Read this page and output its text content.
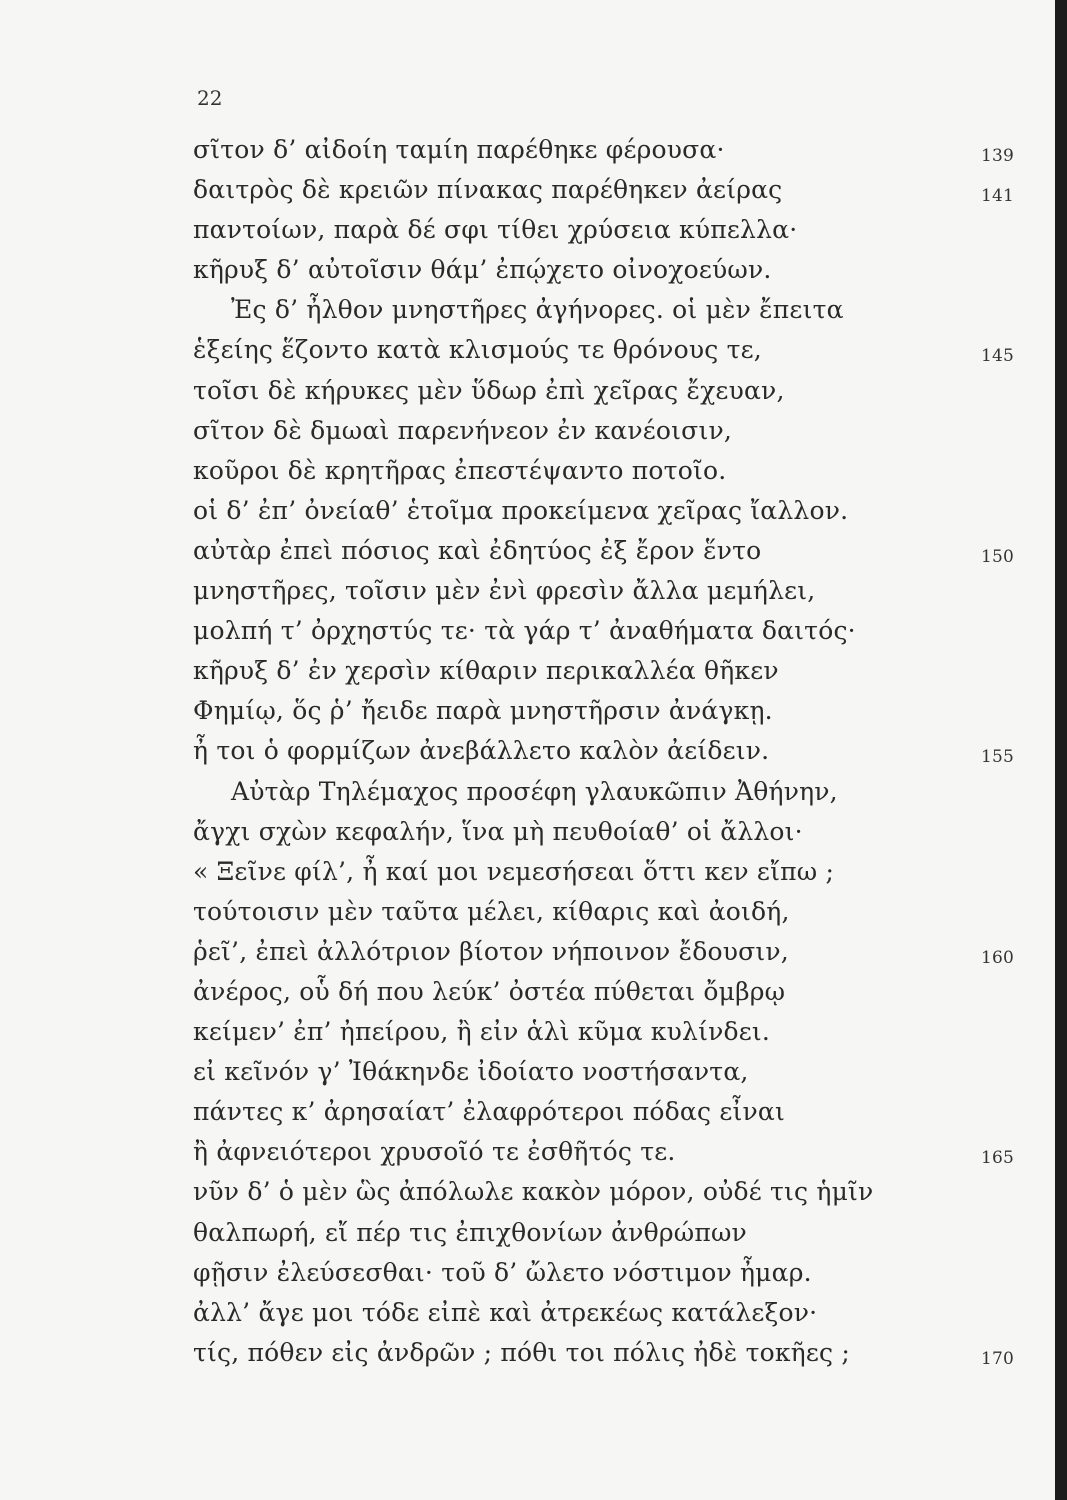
22
σῖτον δ’ αἰδοίη ταμίη παρέθηκε φέρουσα·	139
δαιτρὸς δὲ κρειῶν πίνακας παρέθηκεν ἀείρας	141
παντοίων, παρὰ δέ σφι τίθει χρύσεια κύπελλα·
κῆρυξ δ’ αὐτοῖσιν θάμ’ ἐπῴχετο οἰνοχοεύων.
Ἐς δ’ ἦλθον μνηστῆρες ἀγήνορες. οἱ μὲν ἔπειτα
ἑξείης ἕζοντο κατὰ κλισμούς τε θρόνους τε,	145
τοῖσι δὲ κήρυκες μὲν ὕδωρ ἐπὶ χεῖρας ἔχευαν,
σῖτον δὲ δμωαὶ παρενήνεον ἐν κανέοισιν,
κοῦροι δὲ κρητῆρας ἐπεστέψαντο ποτοῖο.
οἱ δ’ ἐπ’ ὀνείαθ’ ἑτοῖμα προκείμενα χεῖρας ἴαλλον.
αὐτὰρ ἐπεὶ πόσιος καὶ ἐδητύος ἐξ ἔρον ἕντο	150
μνηστῆρες, τοῖσιν μὲν ἐνὶ φρεσὶν ἄλλα μεμήλει,
μολπή τ’ ὀρχηστύς τε· τὰ γάρ τ’ ἀναθήματα δαιτός·
κῆρυξ δ’ ἐν χερσὶν κίθαριν περικαλλέα θῆκεν
Φημίῳ, ὅς ῥ’ ἤειδε παρὰ μνηστῆρσιν ἀνάγκῃ.
ἦ τοι ὁ φορμίζων ἀνεβάλλετο καλὸν ἀείδειν.	155
Αὐτὰρ Τηλέμαχος προσέφη γλαυκῶπιν Ἀθήνην,
ἄγχι σχὼν κεφαλήν, ἵνα μὴ πευθοίαθ’ οἱ ἄλλοι·
« Ξεῖνε φίλ’, ἦ καί μοι νεμεσήσεαι ὅττι κεν εἴπω ;
τούτοισιν μὲν ταῦτα μέλει, κίθαρις καὶ ἀοιδή,
ῥεῖ’, ἐπεὶ ἀλλότριον βίοτον νήποινον ἔδουσιν,	160
ἀνέρος, οὗ δή που λεύκ’ ὀστέα πύθεται ὄμβρῳ
κείμεν’ ἐπ’ ἠπείρου, ἢ εἰν ἁλὶ κῦμα κυλίνδει.
εἰ κεῖνόν γ’ Ἰθάκηνδε ἰδοίατο νοστήσαντα,
πάντες κ’ ἀρησαίατ’ ἐλαφρότεροι πόδας εἶναι
ἢ ἀφνειότεροι χρυσοῖό τε ἐσθῆτός τε.	165
νῦν δ’ ὁ μὲν ὣς ἀπόλωλε κακὸν μόρον, οὐδέ τις ἡμῖν
θαλπωρή, εἴ πέρ τις ἐπιχθονίων ἀνθρώπων
φῇσιν ἐλεύσεσθαι· τοῦ δ’ ὤλετο νόστιμον ἦμαρ.
ἀλλ’ ἄγε μοι τόδε εἰπὲ καὶ ἀτρεκέως κατάλεξον·
τίς, πόθεν εἰς ἀνδρῶν ; πόθι τοι πόλις ἠδὲ τοκῆες ;	170
